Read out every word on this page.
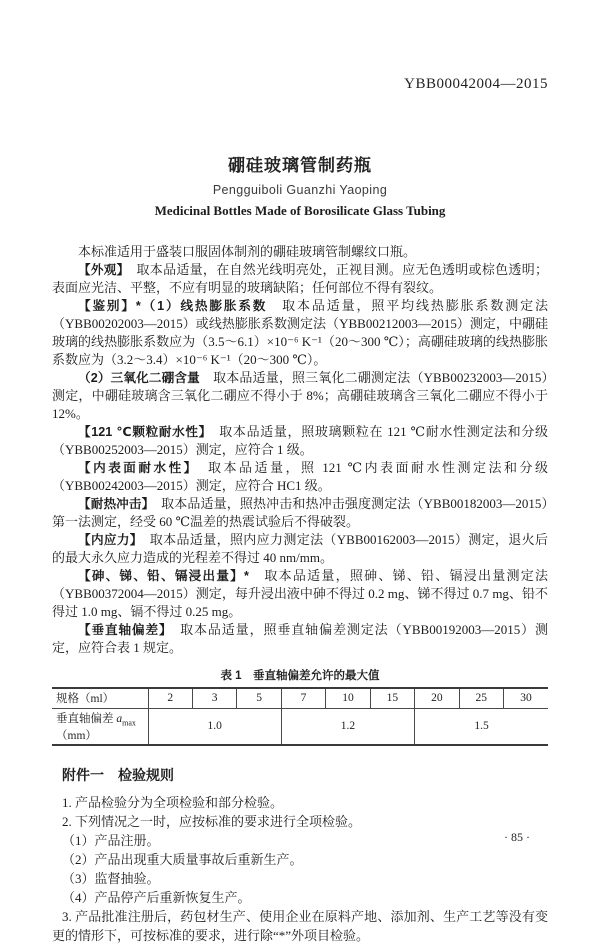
YBB00042004—2015
硼硅玻璃管制药瓶
Pengguiboli Guanzhi Yaoping
Medicinal Bottles Made of Borosilicate Glass Tubing

本标准适用于盛装口服固体制剂的硼硅玻璃管制螺纹口瓶。

【外观】　取本品适量，在自然光线明亮处，正视目测。应无色透明或棕色透明；表面应光洁、平整，不应有明显的玻璃缺陷；任何部位不得有裂纹。

【鉴别】*（1）线热膨胀系数　取本品适量，照平均线热膨胀系数测定法（YBB00202003—2015）或线热膨胀系数测定法（YBB00212003—2015）测定，中硼硅玻璃的线热膨胀系数应为（3.5～6.1）×10⁻⁶ K⁻¹（20～300 ℃）；高硼硅玻璃的线热膨胀系数应为（3.2～3.4）×10⁻⁶ K⁻¹（20～300 ℃）。

（2）三氧化二硼含量　取本品适量，照三氧化二硼测定法（YBB00232003—2015）测定，中硼硅玻璃含三氧化二硼应不得小于 8%；高硼硅玻璃含三氧化二硼应不得小于 12%。

【121 ℃颗粒耐水性】　取本品适量，照玻璃颗粒在 121 ℃耐水性测定法和分级（YBB00252003—2015）测定，应符合 1 级。

【内表面耐水性】　取本品适量，照 121 ℃内表面耐水性测定法和分级（YBB00242003—2015）测定，应符合 HC1 级。

【耐热冲击】　取本品适量，照热冲击和热冲击强度测定法（YBB00182003—2015）第一法测定，经受 60 ℃温差的热震试验后不得破裂。

【内应力】　取本品适量，照内应力测定法（YBB00162003—2015）测定，退火后的最大永久应力造成的光程差不得过 40 nm/mm。

【砷、锑、铅、镉浸出量】*　取本品适量，照砷、锑、铅、镉浸出量测定法（YBB00372004—2015）测定，每升浸出液中砷不得过 0.2 mg、锑不得过 0.7 mg、铅不得过 1.0 mg、镉不得过 0.25 mg。

【垂直轴偏差】　取本品适量，照垂直轴偏差测定法（YBB00192003—2015）测定，应符合表 1 规定。

表 1　垂直轴偏差允许的最大值
规格（ml）	2	3	5	7	10	15	20	25	30
垂直轴偏差 $a_{max}(mm)$	1.0			1.2			1.5		
附件一　检验规则

1. 产品检验分为全项检验和部分检验。

2. 下列情况之一时，应按标准的要求进行全项检验。

（1）产品注册。

（2）产品出现重大质量事故后重新生产。

（3）监督抽验。

（4）产品停产后重新恢复生产。

3. 产品批准注册后，药包材生产、使用企业在原料产地、添加剂、生产工艺等没有变更的情形下，可按标准的要求，进行除“*”外项目检验。

· 85 ·
